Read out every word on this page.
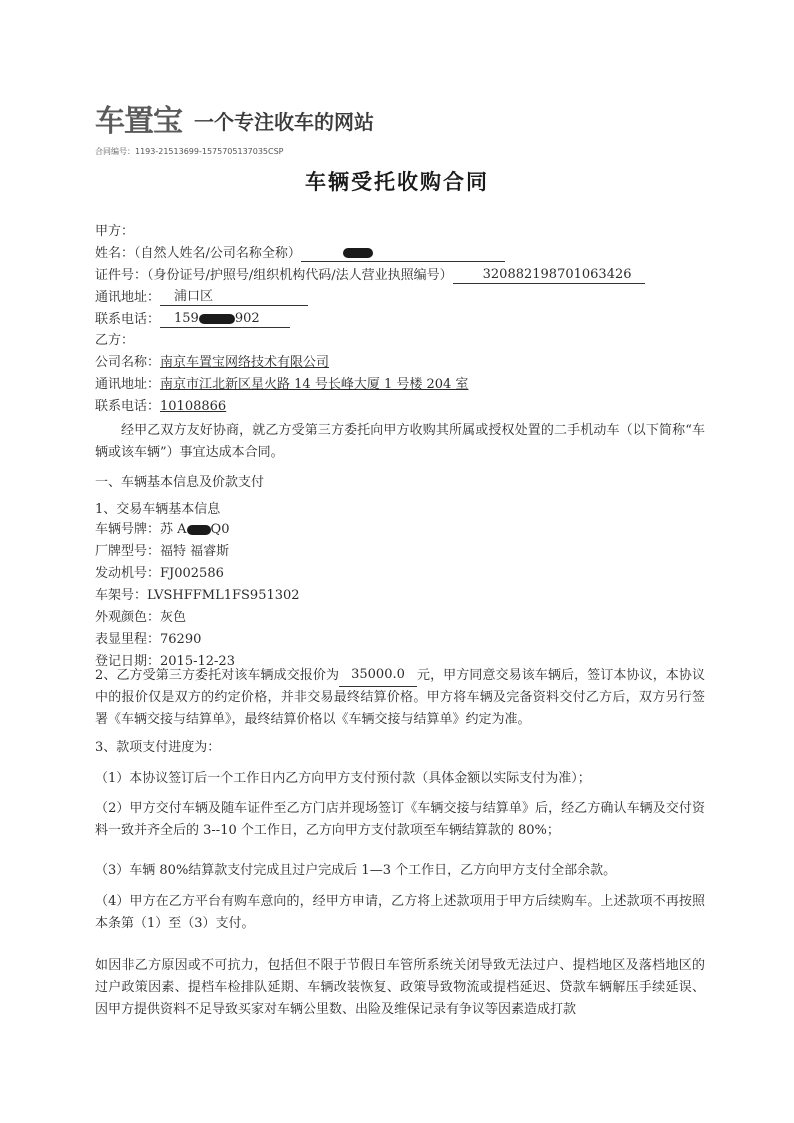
车置宝 一个专注收车的网站
合同编号：1193-21513699-1575705137035CSP
车辆受托收购合同
甲方：
姓名：（自然人姓名/公司名称全称）
证件号：（身份证号/护照号/组织机构代码/法人营业执照编号） 320882198701063426
通讯地址： 浦口区
联系电话： 159	902
乙方：
公司名称：南京车置宝网络技术有限公司
通讯地址：南京市江北新区星火路 14 号长峰大厦 1 号楼 204 室
联系电话：10108866
经甲乙双方友好协商，就乙方受第三方委托向甲方收购其所属或授权处置的二手机动车（以下简称“车辆或该车辆”）事宜达成本合同。
一、车辆基本信息及价款支付
1、交易车辆基本信息
车辆号牌：苏 A Q0
厂牌型号：福特 福睿斯
发动机号：FJ002586
车架号：LVSHFFML1FS951302
外观颜色：灰色
表显里程：76290
登记日期：2015-12-23
2、乙方受第三方委托对该车辆成交报价为 35000.0 元，甲方同意交易该车辆后，签订本协议，本协议中的报价仅是双方的约定价格，并非交易最终结算价格。甲方将车辆及完备资料交付乙方后，双方另行签署《车辆交接与结算单》，最终结算价格以《车辆交接与结算单》约定为准。
3、款项支付进度为：
（1）本协议签订后一个工作日内乙方向甲方支付预付款（具体金额以实际支付为准）；
（2）甲方交付车辆及随车证件至乙方门店并现场签订《车辆交接与结算单》后，经乙方确认车辆及交付资料一致并齐全后的 3--10 个工作日，乙方向甲方支付款项至车辆结算款的 80%；
（3）车辆 80%结算款支付完成且过户完成后 1—3 个工作日，乙方向甲方支付全部余款。
（4）甲方在乙方平台有购车意向的，经甲方申请，乙方将上述款项用于甲方后续购车。上述款项不再按照本条第（1）至（3）支付。
如因非乙方原因或不可抗力，包括但不限于节假日车管所系统关闭导致无法过户、提档地区及落档地区的过户政策因素、提档车检排队延期、车辆改装恢复、政策导致物流或提档延迟、贷款车辆解压手续延误、因甲方提供资料不足导致买家对车辆公里数、出险及维保记录有争议等因素造成打款
